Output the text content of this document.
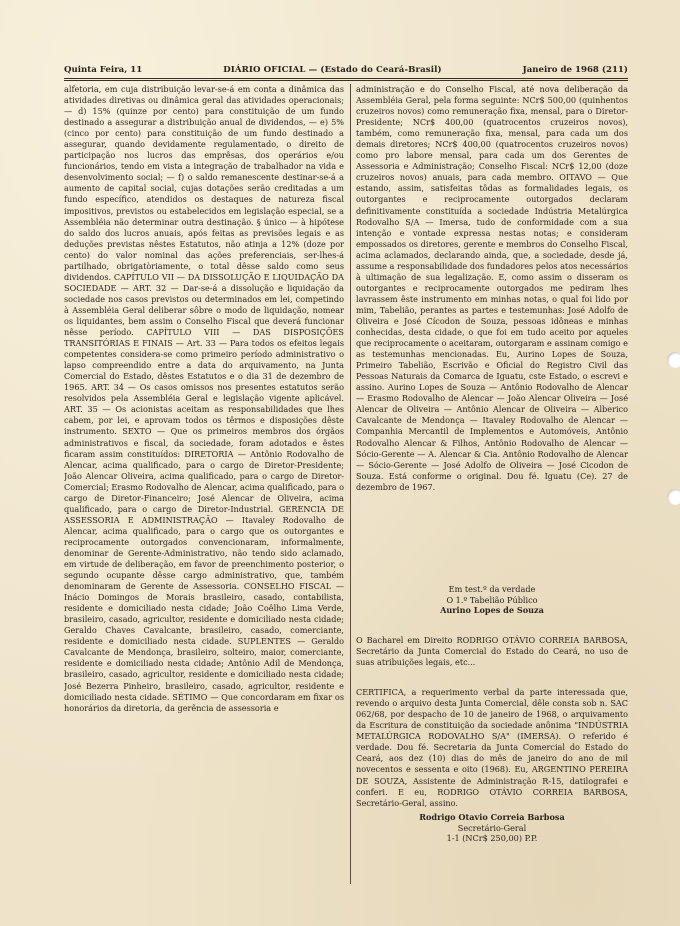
Quinta Feira, 11	DIÁRIO OFICIAL — (Estado do Ceará-Brasil)	Janeiro de 1968 (211)

alfetoria, em cuja distribuição levar-se-á em conta a dinâmica das atividades diretivas ou dinâmica geral das atividades operacionais; — d) 15% (quinze por cento) para constituição de um fundo destinado a assegurar a distribuição anual de dividendos, — e) 5% (cinco por cento) para constituição de um fundo destinado a assegurar, quando devidamente regulamentado, o direito de participação nos lucros das emprêsas, dos operários e/ou funcionários, tendo em vista a integração de trabalhador na vida e desenvolvimento social; — f) o saldo remanescente destinar-se-á a aumento de capital social, cujas dotações serão creditadas a um fundo específico, atendidos os destaques de natureza fiscal impositivos, previstos ou estabelecidos em legislação especial, se a Assembléia não determinar outra destinação. § único — à hipótese do saldo dos lucros anuais, após feitas as previsões legais e as deduções previstas nêstes Estatutos, não atinja a 12% (doze por cento) do valor nominal das ações preferenciais, ser-lhes-á partilhado, obrigatòriamente, o total dêsse saldo como seus dividendos. CAPÍTULO VII — DA DISSOLUÇÃO E LIQUIDAÇÃO DA SOCIEDADE — ART. 32 — Dar-se-á a dissolução e liquidação da sociedade nos casos previstos ou determinados em lei, competindo à Assembléia Geral deliberar sôbre o modo de liquidação, nomear os liquidantes, bem assim o Conselho Fiscal que deverá funcionar nêsse período. CAPÍTULO VIII — DAS DISPOSIÇÕES TRANSITÓRIAS E FINAIS — Art. 33 — Para todos os efeitos legais competentes considera-se como primeiro período administrativo o lapso compreendido entre a data do arquivamento, na Junta Comercial do Estado, dêstes Estatutos e o dia 31 de dezembro de 1965. ART. 34 — Os casos omissos nos presentes estatutos serão resolvidos pela Assembléia Geral e legislação vigente aplicável. ART. 35 — Os acionistas aceitam as responsabilidades que lhes cabem, por lei, e aprovam todos os têrmos e disposições dêste instrumento. SEXTO — Que os primeiros membros dos órgãos administrativos e fiscal, da sociedade, foram adotados e êstes ficaram assim constituídos: DIRETORIA — Antônio Rodovalho de Alencar, acima qualificado, para o cargo de Diretor-Presidente; João Alencar Oliveira, acima qualificado, para o cargo de Diretor-Comercial; Erasmo Rodovalho de Alencar, acima qualificado, para o cargo de Diretor-Financeiro; José Alencar de Oliveira, acima qualificado, para o cargo de Diretor-Industrial. GERENCIA DE ASSESSORIA E ADMINISTRAÇÃO — Itavaley Rodovalho de Alencar, acima qualificado, para o cargo que os outorgantes e reciprocamente outorgados convencionaram, informalmente, denominar de Gerente-Administrativo, não tendo sido aclamado, em virtude de deliberação, em favor de preenchimento posterior, o segundo ocupante dêsse cargo administrativo, que, também denominaram de Gerente de Assessoria. CONSELHO FISCAL — Inácio Domingos de Morais brasileiro, casado, contabilista, residente e domiciliado nesta cidade; João Coêlho Lima Verde, brasileiro, casado, agricultor, residente e domiciliado nesta cidade; Geraldo Chaves Cavalcante, brasileiro, casado, comerciante, residente e domiciliado nesta cidade. SUPLENTES — Geraldo Cavalcante de Mendonça, brasileiro, solteiro, maior, comerciante, residente e domiciliado nesta cidade; Antônio Adil de Mendonça, brasileiro, casado, agricultor, residente e domiciliado nesta cidade; José Bezerra Pinheiro, brasileiro, casado, agricultor, residente e domiciliado nesta cidade. SÉTIMO — Que concordaram em fixar os honorários da diretoria, da gerência de assessoria e

administração e do Conselho Fiscal, até nova deliberação da Assembléia Geral, pela forma seguinte: NCr$ 500,00 (quinhentos cruzeiros novos) como remuneração fixa, mensal, para o Diretor-Presidente; NCr$ 400,00 (quatrocentos cruzeiros novos), também, como remuneração fixa, mensal, para cada um dos demais diretores; NCr$ 400,00 (quatrocentos cruzeiros novos) como pro labore mensal, para cada um dos Gerentes de Assessoria e Administração; Conselho Fiscal: NCr$ 12,00 (doze cruzeiros novos) anuais, para cada membro. OITAVO — Que estando, assim, satisfeitas tôdas as formalidades legais, os outorgantes e reciprocamente outorgados declaram definitivamente constituída a sociedade Indústria Metalúrgica Rodovalho S/A — Imersa, tudo de conformidade com a sua intenção e vontade expressa nestas notas; e consideram empossados os diretores, gerente e membros do Conselho Fiscal, acima aclamados, declarando ainda, que, a sociedade, desde já, assume a responsabilidade dos fundadores pelos atos necessários à ultimação de sua legalização. E, como assim o disseram os outorgantes e reciprocamente outorgados me pediram lhes lavrassem êste instrumento em minhas notas, o qual foi lido por mim, Tabelião, perantes as partes e testemunhas: José Adolfo de Oliveira e José Cícodon de Souza, pessoas idôneas e minhas conhecidas, desta cidade, o que foi em tudo aceito por aqueles que reciprocamente o aceitaram, outorgaram e assinam comigo e as testemunhas mencionadas. Eu, Aurino Lopes de Souza, Primeiro Tabelião, Escrivão e Oficial do Registro Civil das Pessoas Naturais da Comarca de Iguatu, cste Estado, o escrevi e assino. Aurino Lopes de Souza — Antônio Rodovalho de Alencar — Erasmo Rodovalho de Alencar — João Alencar Oliveira — José Alencar de Oliveira — Antônio Alencar de Oliveira — Alberico Cavalcante de Mendonça — Itavaley Rodovalho de Alencar — Companhia Mercantil de Implementos e Automóveis, Antônio Rodovalho Alencar & Filhos, Antônio Rodovalho de Alencar — Sócio-Gerente — A. Alencar & Cia. Antônio Rodovalho de Alencar — Sócio-Gerente — José Adolfo de Oliveira — José Cicodon de Souza. Está conforme o original. Dou fé. Iguatu (Ce). 27 de dezembro de 1967.

Em test.º da verdade
O 1.º Tabelião Público
Aurino Lopes de Souza

O Bacharel em Direito RODRIGO OTÁVIO CORREIA BARBOSA, Secretário da Junta Comercial do Estado do Ceará, no uso de suas atribuições legais, etc...

CERTIFICA, a requerimento verbal da parte interessada que, revendo o arquivo desta Junta Comercial, dêle consta sob n. SAC 062/68, por despacho de 10 de janeiro de 1968, o arquivamento da Escritura de constituição da sociedade anônima "INDÚSTRIA METALÚRGICA RODOVALHO S/A" (IMERSA). O referido é verdade. Dou fé. Secretaria da Junta Comercial do Estado do Ceará, aos dez (10) dias do mês de janeiro do ano de mil novecentos e sessenta e oito (1968). Eu, ARGENTINO PEREIRA DE SOUZA, Assistente de Administração R-15, datilografei e conferi. E eu, RODRIGO OTÁVIO CORREIA BARBOSA, Secretário-Geral, assino.

Rodrigo Otavio Correia Barbosa
Secretário-Geral
1-1 (NCr$ 250,00) P.P.
